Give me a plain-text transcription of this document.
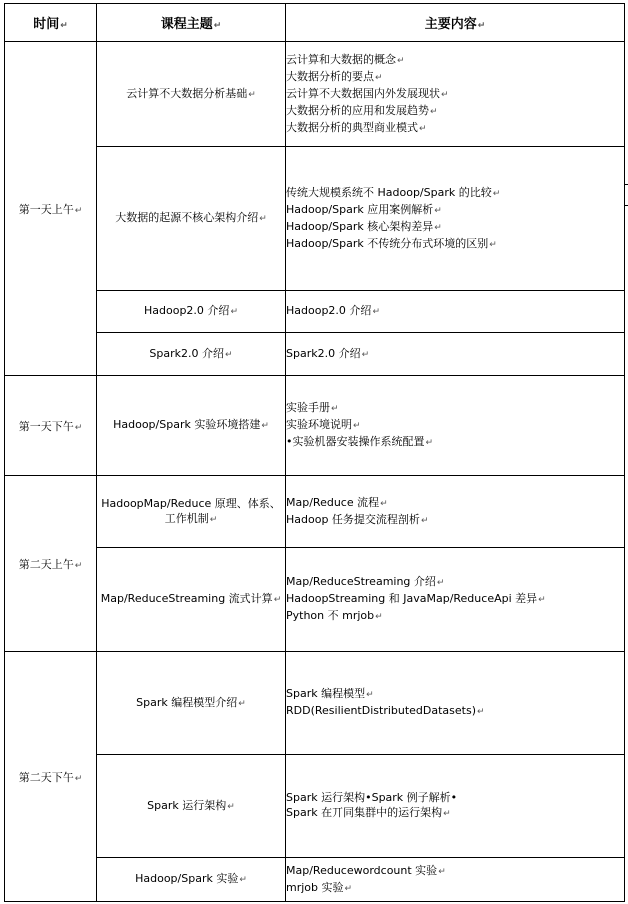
时间↵	课程主题↵	主要内容↵
第一天上午↵	云计算不大数据分析基础↵	云计算和大数据的概念↵
大数据分析的要点↵
云计算不大数据国内外发展现状↵
大数据分析的应用和发展趋势↵
大数据分析的典型商业模式↵

	大数据的起源不核心架构介绍↵	传统大规模系统不 Hadoop/Spark 的比较↵
Hadoop/Spark 应用案例解析↵
Hadoop/Spark 核心架构差异↵
Hadoop/Spark 不传统分布式环境的区别↵

	Hadoop2.0 介绍↵	Hadoop2.0 介绍↵

	Spark2.0 介绍↵	Spark2.0 介绍↵

第一天下午↵	Hadoop/Spark 实验环境搭建↵	实验手册↵
实验环境说明↵
•实验机器安装操作系统配置↵

第二天上午↵	HadoopMap/Reduce 原理、体系、
工作机制↵	Map/Reduce 流程↵
Hadoop 任务提交流程剖析↵

	Map/ReduceStreaming 流式计算↵	Map/ReduceStreaming 介绍↵
HadoopStreaming 和 JavaMap/ReduceApi 差异↵
Python 不 mrjob↵

第二天下午↵	Spark 编程模型介绍↵	Spark 编程模型↵
RDD(ResilientDistributedDatasets)↵

	Spark 运行架构↵	Spark 运行架构•Spark 例子解析•
Spark 在丌同集群中的运行架构↵

	Hadoop/Spark 实验↵	Map/Reducewordcount 实验↵
mrjob 实验↵
